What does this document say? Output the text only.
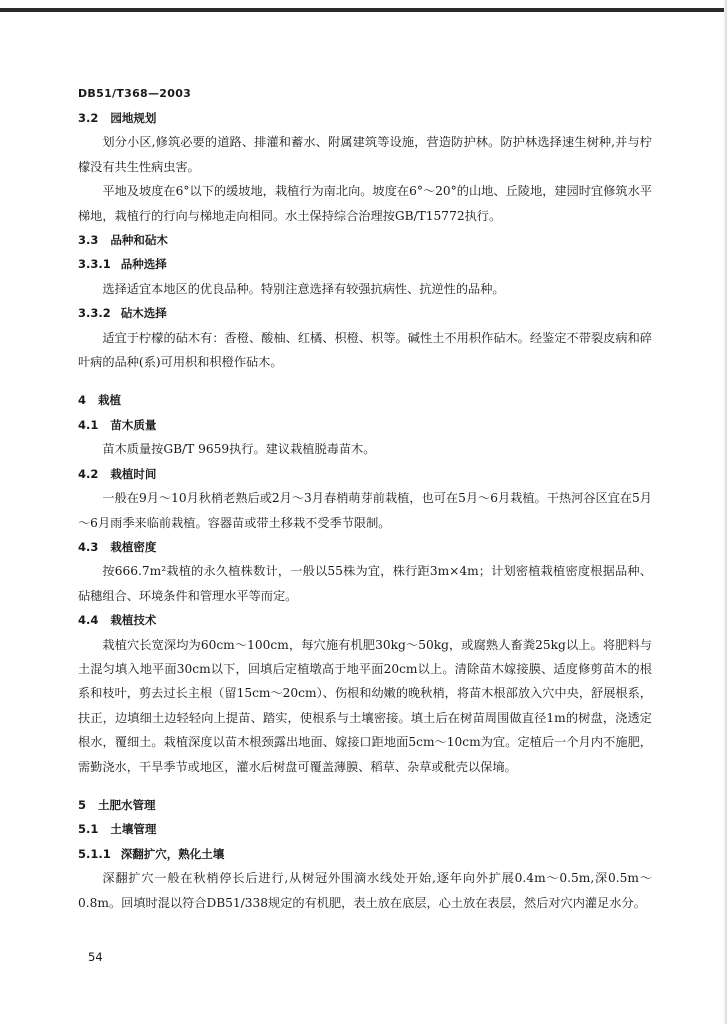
DB51/T368—2003
3.2 园地规划
划分小区,修筑必要的道路、排灌和蓄水、附属建筑等设施，营造防护林。防护林选择速生树种,并与柠檬没有共生性病虫害。
平地及坡度在6°以下的缓坡地，栽植行为南北向。坡度在6°～20°的山地、丘陵地，建园时宜修筑水平梯地，栽植行的行向与梯地走向相同。水土保持综合治理按GB/T15772执行。
3.3 品种和砧木
3.3.1 品种选择
选择适宜本地区的优良品种。特别注意选择有较强抗病性、抗逆性的品种。
3.3.2 砧木选择
适宜于柠檬的砧木有：香橙、酸柚、红橘、枳橙、枳等。碱性土不用枳作砧木。经鉴定不带裂皮病和碎叶病的品种(系)可用枳和枳橙作砧木。
4 栽植
4.1 苗木质量
苗木质量按GB/T 9659执行。建议栽植脱毒苗木。
4.2 栽植时间
一般在9月～10月秋梢老熟后或2月～3月春梢萌芽前栽植，也可在5月～6月栽植。干热河谷区宜在5月～6月雨季来临前栽植。容器苗或带土移栽不受季节限制。
4.3 栽植密度
按666.7m²栽植的永久植株数计，一般以55株为宜，株行距3m×4m；计划密植栽植密度根据品种、砧穗组合、环境条件和管理水平等而定。
4.4 栽植技术
栽植穴长宽深均为60cm～100cm，每穴施有机肥30kg～50kg，或腐熟人畜粪25kg以上。将肥料与土混匀填入地平面30cm以下，回填后定植墩高于地平面20cm以上。清除苗木嫁接膜、适度修剪苗木的根系和枝叶，剪去过长主根（留15cm～20cm）、伤根和幼嫩的晚秋梢，将苗木根部放入穴中央，舒展根系，扶正，边填细土边轻轻向上提苗、踏实，使根系与土壤密接。填土后在树苗周围做直径1m的树盘，浇透定根水，覆细土。栽植深度以苗木根颈露出地面、嫁接口距地面5cm～10cm为宜。定植后一个月内不施肥，需勤浇水，干旱季节或地区，灌水后树盘可覆盖薄膜、稻草、杂草或秕壳以保墒。
5 土肥水管理
5.1 土壤管理
5.1.1 深翻扩穴，熟化土壤
深翻扩穴一般在秋梢停长后进行,从树冠外围滴水线处开始,逐年向外扩展0.4m～0.5m,深0.5m～0.8m。回填时混以符合DB51/338规定的有机肥，表土放在底层，心土放在表层，然后对穴内灌足水分。
54
